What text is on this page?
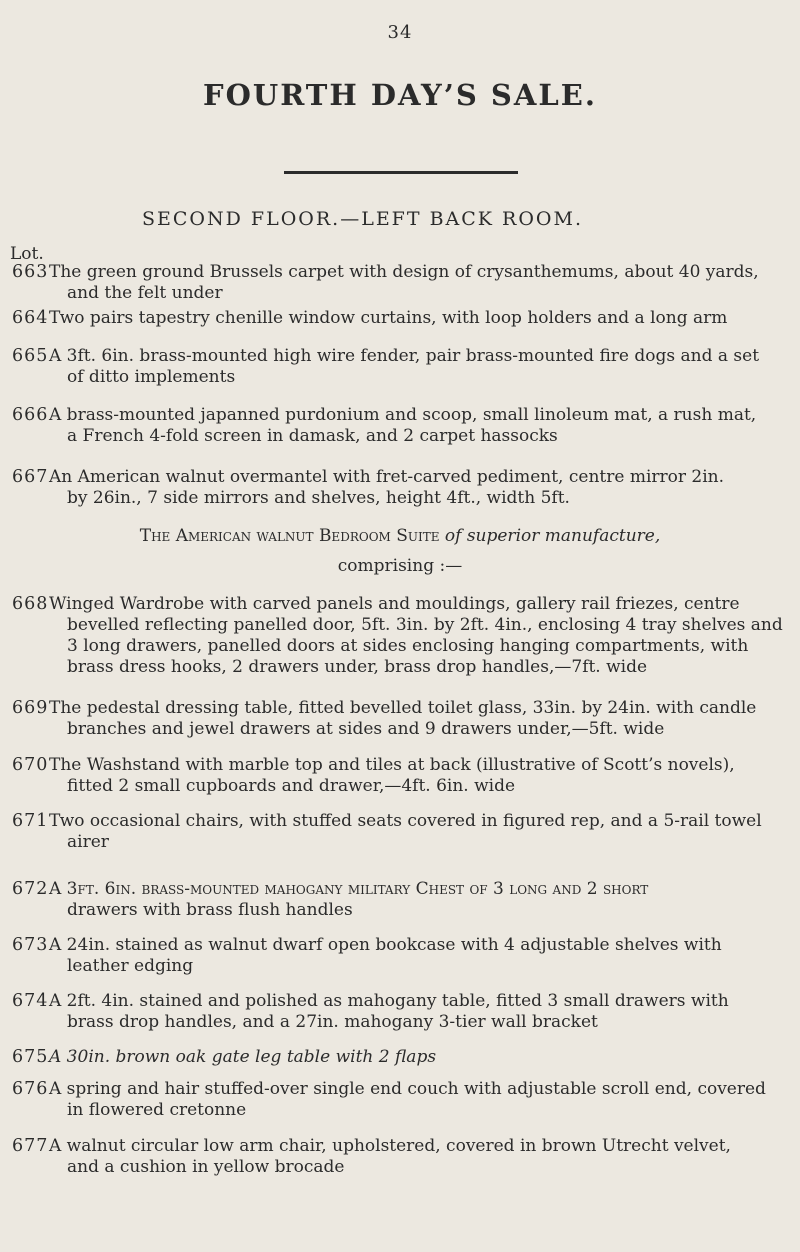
34
FOURTH DAY’S SALE.
SECOND FLOOR.—LEFT BACK ROOM.
Lot.
663 The green ground Brussels carpet with design of crysanthemums, about 40 yards,
and the felt under
664 Two pairs tapestry chenille window curtains, with loop holders and a long arm
665 A 3ft. 6in. brass-mounted high wire fender, pair brass-mounted fire dogs and a set
of ditto implements
666 A brass-mounted japanned purdonium and scoop, small linoleum mat, a rush mat,
a French 4-fold screen in damask, and 2 carpet hassocks
667 An American walnut overmantel with fret-carved pediment, centre mirror 2in.
by 26in., 7 side mirrors and shelves, height 4ft., width 5ft.
The American walnut Bedroom Suite of superior manufacture,
comprising :—
668 Winged Wardrobe with carved panels and mouldings, gallery rail friezes, centre
bevelled reflecting panelled door, 5ft. 3in. by 2ft. 4in., enclosing 4 tray shelves and 3 long drawers, panelled doors at sides enclosing hanging compartments, with brass dress hooks, 2 drawers under, brass drop handles,—7ft. wide
669 The pedestal dressing table, fitted bevelled toilet glass, 33in. by 24in. with candle
branches and jewel drawers at sides and 9 drawers under,—5ft. wide
670 The Washstand with marble top and tiles at back (illustrative of Scott’s novels),
fitted 2 small cupboards and drawer,—4ft. 6in. wide
671 Two occasional chairs, with stuffed seats covered in figured rep, and a 5-rail towel
airer
672 A 3ft. 6in. brass-mounted mahogany military Chest of 3 long and 2 short
drawers with brass flush handles
673 A 24in. stained as walnut dwarf open bookcase with 4 adjustable shelves with
leather edging
674 A 2ft. 4in. stained and polished as mahogany table, fitted 3 small drawers with
brass drop handles, and a 27in. mahogany 3-tier wall bracket
675 A 30in. brown oak gate leg table with 2 flaps
676 A spring and hair stuffed-over single end couch with adjustable scroll end, covered
in flowered cretonne
677 A walnut circular low arm chair, upholstered, covered in brown Utrecht velvet,
and a cushion in yellow brocade
